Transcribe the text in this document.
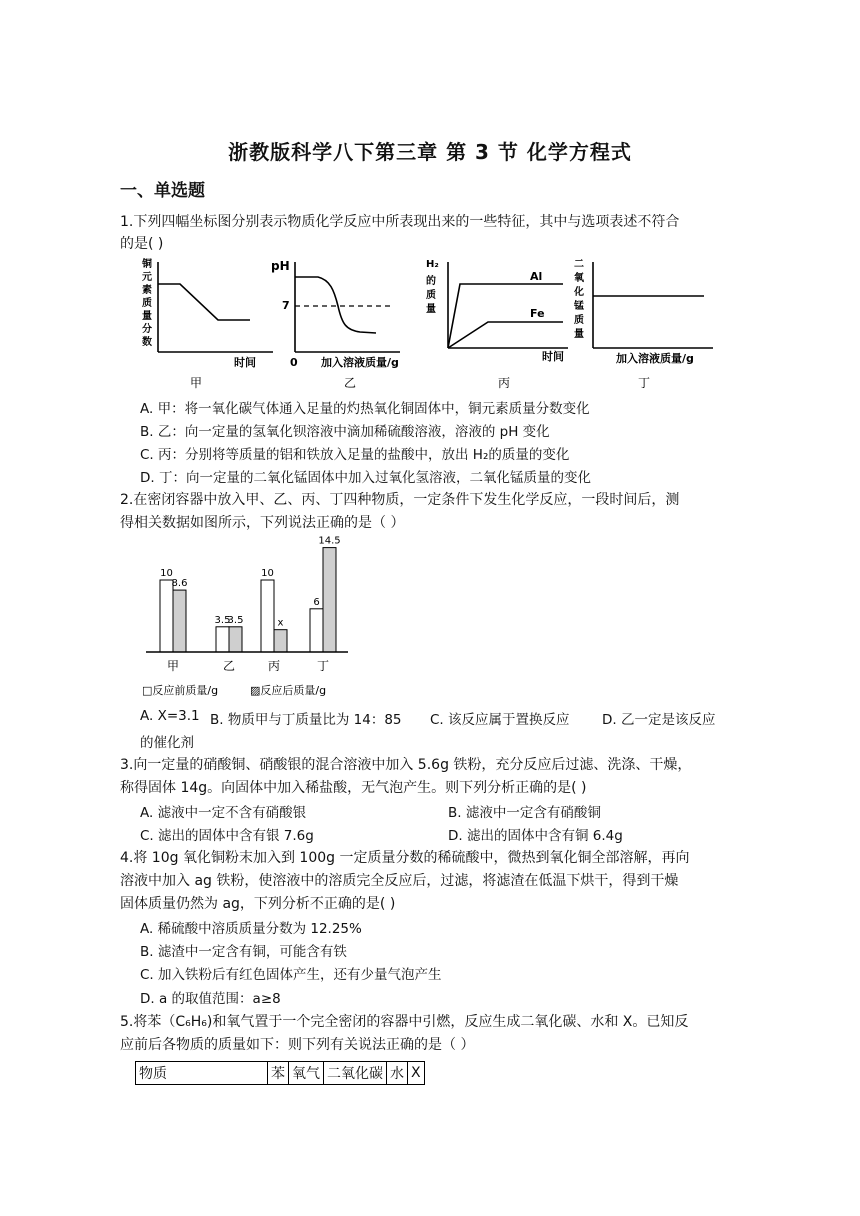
浙教版科学八下第三章 第 3 节 化学方程式
一、单选题
1.下列四幅坐标图分别表示物质化学反应中所表现出来的一些特征，其中与选项表述不符合
的是( )
铜
元
素
质
量
分
数
时间
甲
pH
7
0 加入溶液质量/g
乙
H₂
的
质
量
Al
Fe
时间
丙
二
氧
化
锰
质
量
加入溶液质量/g
丁
A. 甲：将一氧化碳气体通入足量的灼热氧化铜固体中，铜元素质量分数变化
B. 乙：向一定量的氢氧化钡溶液中滴加稀硫酸溶液，溶液的 pH 变化
C. 丙：分别将等质量的铝和铁放入足量的盐酸中，放出 H₂的质量的变化
D. 丁：向一定量的二氧化锰固体中加入过氧化氢溶液，二氧化锰质量的变化
2.在密闭容器中放入甲、乙、丙、丁四种物质，一定条件下发生化学反应，一段时间后，测
得相关数据如图所示，下列说法正确的是（ ）
10
8.6
甲
3.5
3.5
乙
10
x
丙
6
14.5
丁
□反应前质量/g	▨反应后质量/g
A. X=3.1 B. 物质甲与丁质量比为 14：85 C. 该反应属于置换反应 D. 乙一定是该反应
的催化剂
3.向一定量的硝酸铜、硝酸银的混合溶液中加入 5.6g 铁粉，充分反应后过滤、洗涤、干燥，
称得固体 14g。向固体中加入稀盐酸，无气泡产生。则下列分析正确的是( )
A. 滤液中一定不含有硝酸银	B. 滤液中一定含有硝酸铜
C. 滤出的固体中含有银 7.6g	D. 滤出的固体中含有铜 6.4g
4.将 10g 氧化铜粉末加入到 100g 一定质量分数的稀硫酸中，微热到氧化铜全部溶解，再向
溶液中加入 ag 铁粉，使溶液中的溶质完全反应后，过滤，将滤渣在低温下烘干，得到干燥
固体质量仍然为 ag，下列分析不正确的是( )
A. 稀硫酸中溶质质量分数为 12.25%
B. 滤渣中一定含有铜，可能含有铁
C. 加入铁粉后有红色固体产生，还有少量气泡产生
D. a 的取值范围：a≥8
5.将苯（C₆H₆)和氧气置于一个完全密闭的容器中引燃，反应生成二氧化碳、水和 X。已知反
应前后各物质的质量如下：则下列有关说法正确的是（ ）
物质	苯	氧气	二氧化碳	水	X
